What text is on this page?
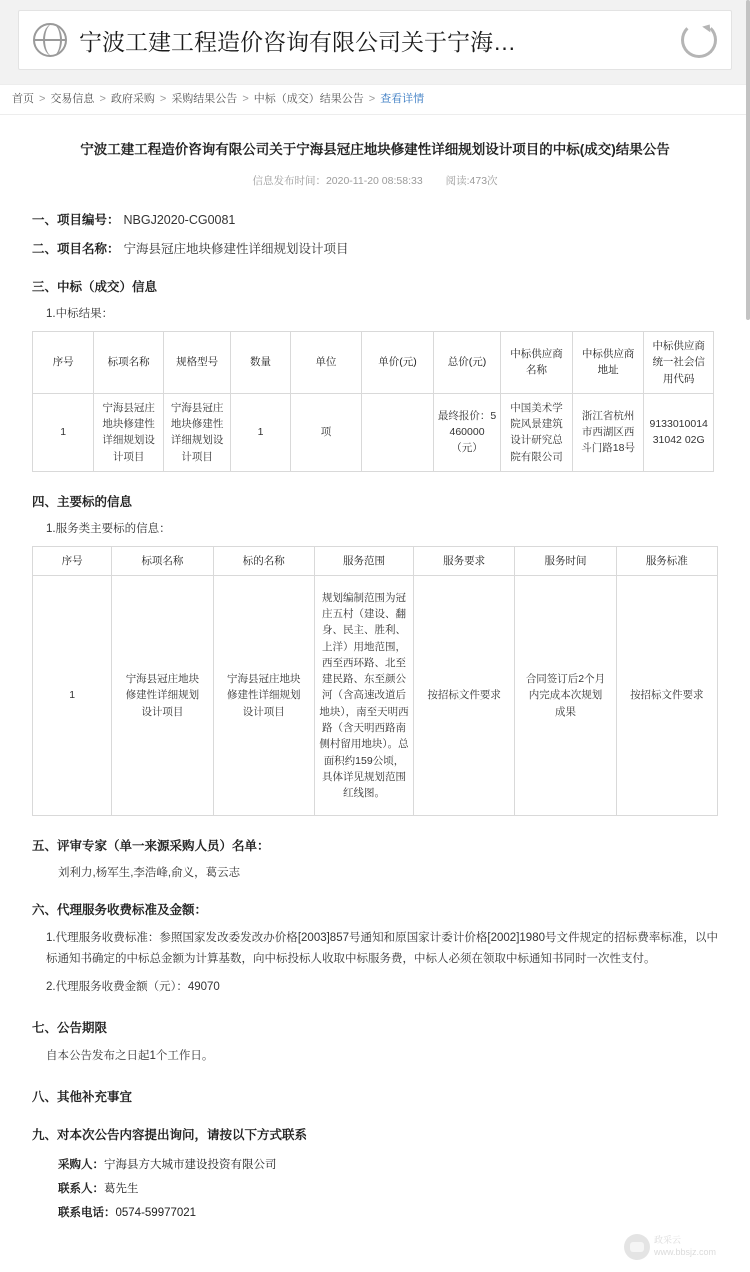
宁波工建工程造价咨询有限公司关于宁海…
首页 > 交易信息 > 政府采购 > 采购结果公告 > 中标（成交）结果公告 > 查看详情
宁波工建工程造价咨询有限公司关于宁海县冠庄地块修建性详细规划设计项目的中标(成交)结果公告
信息发布时间：2020-11-20 08:58:33 阅读:473次
一、项目编号： NBGJ2020-CG0081
二、项目名称： 宁海县冠庄地块修建性详细规划设计项目
三、中标（成交）信息
1.中标结果：
序号	标项名称	规格型号	数量	单位	单价(元)	总价(元)	中标供应商名称	中标供应商地址	中标供应商统一社会信用代码
1	宁海县冠庄地块修建性详细规划设计项目	宁海县冠庄地块修建性详细规划设计项目	1	项		最终报价：5460000（元）	中国美术学院风景建筑设计研究总院有限公司	浙江省杭州市西湖区西斗门路18号	913301001431042 02G
四、主要标的信息
1.服务类主要标的信息：
序号	标项名称	标的名称	服务范围	服务要求	服务时间	服务标准
1	宁海县冠庄地块修建性详细规划设计项目	宁海县冠庄地块修建性详细规划设计项目	规划编制范围为冠庄五村（建设、翻身、民主、胜利、上洋）用地范围，西至西环路、北至建民路、东至颜公河（含高速改道后地块），南至天明西路（含天明西路南侧村留用地块）。总面积约159公顷，具体详见规划范围红线图。	按招标文件要求	合同签订后2个月内完成本次规划成果	按招标文件要求
五、评审专家（单一来源采购人员）名单：
刘利力,杨军生,李浩峰,俞义，葛云志
六、代理服务收费标准及金额：
1.代理服务收费标准：参照国家发改委发改办价格[2003]857号通知和原国家计委计价格[2002]1980号文件规定的招标费率标准，以中标通知书确定的中标总金额为计算基数，向中标投标人收取中标服务费，中标人必须在领取中标通知书同时一次性支付。
2.代理服务收费金额（元）：49070
七、公告期限
自本公告发布之日起1个工作日。
八、其他补充事宜
九、对本次公告内容提出询问，请按以下方式联系
采购人：宁海县方大城市建设投资有限公司
联系人：葛先生
联系电话：0574-59977021
政采云
www.bbsjz.com
